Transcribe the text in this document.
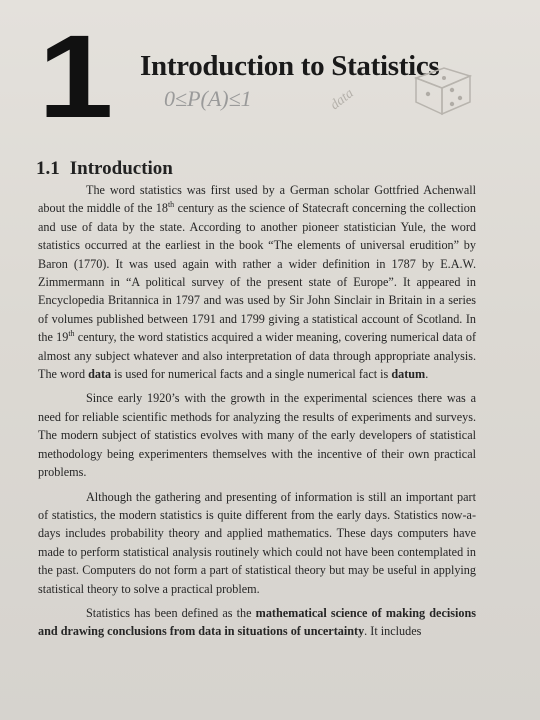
1 Introduction to Statistics
0≤P(A)≤1	data
1.1 Introduction

The word statistics was first used by a German scholar Gottfried Achenwall about the middle of the 18th century as the science of Statecraft concerning the collection and use of data by the state. According to another pioneer statistician Yule, the word statistics occurred at the earliest in the book “The elements of universal erudition” by Baron (1770). It was used again with rather a wider definition in 1787 by E.A.W. Zimmermann in “A political survey of the present state of Europe”. It appeared in Encyclopedia Britannica in 1797 and was used by Sir John Sinclair in Britain in a series of volumes published between 1791 and 1799 giving a statistical account of Scotland. In the 19th century, the word statistics acquired a wider meaning, covering numerical data of almost any subject whatever and also interpretation of data through appropriate analysis. The word data is used for numerical facts and a single numerical fact is datum.

Since early 1920’s with the growth in the experimental sciences there was a need for reliable scientific methods for analyzing the results of experiments and surveys. The modern subject of statistics evolves with many of the early developers of statistical methodology being experimenters themselves with the incentive of their own practical problems.

Although the gathering and presenting of information is still an important part of statistics, the modern statistics is quite different from the early days. Statistics now-a-days includes probability theory and applied mathematics. These days computers have made to perform statistical analysis routinely which could not have been contemplated in the past. Computers do not form a part of statistical theory but may be useful in applying statistical theory to solve a practical problem.

Statistics has been defined as the mathematical science of making decisions and drawing conclusions from data in situations of uncertainty. It includes
